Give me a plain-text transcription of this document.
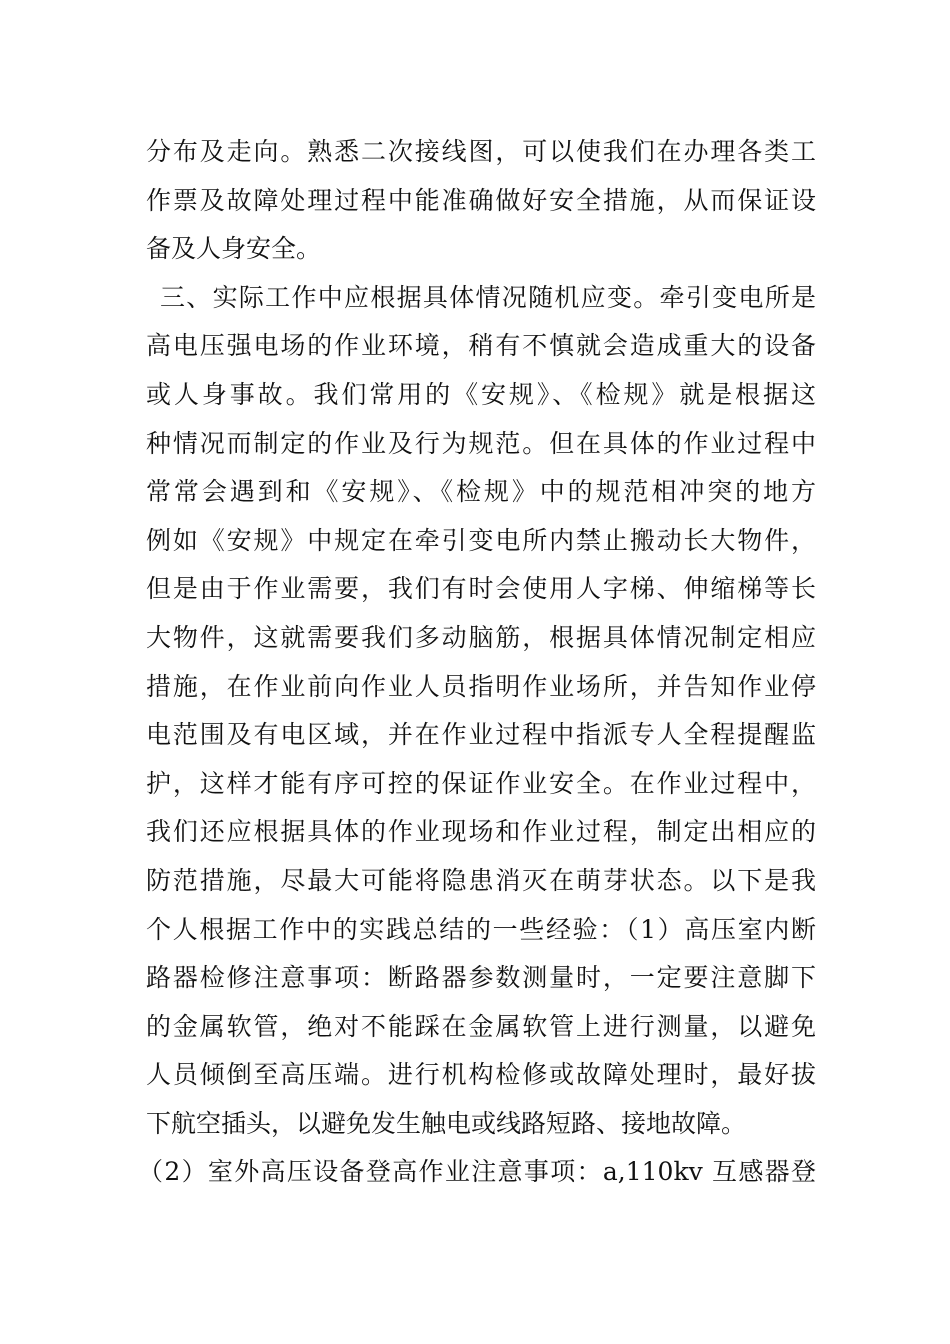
分布及走向。熟悉二次接线图，可以使我们在办理各类工
作票及故障处理过程中能准确做好安全措施，从而保证设
备及人身安全。
三、实际工作中应根据具体情况随机应变。牵引变电所是
高电压强电场的作业环境，稍有不慎就会造成重大的设备
或人身事故。我们常用的《安规》、《检规》就是根据这
种情况而制定的作业及行为规范。但在具体的作业过程中
常常会遇到和《安规》、《检规》中的规范相冲突的地方
例如《安规》中规定在牵引变电所内禁止搬动长大物件，
但是由于作业需要，我们有时会使用人字梯、伸缩梯等长
大物件，这就需要我们多动脑筋，根据具体情况制定相应
措施，在作业前向作业人员指明作业场所，并告知作业停
电范围及有电区域，并在作业过程中指派专人全程提醒监
护，这样才能有序可控的保证作业安全。在作业过程中，
我们还应根据具体的作业现场和作业过程，制定出相应的
防范措施，尽最大可能将隐患消灭在萌芽状态。以下是我
个人根据工作中的实践总结的一些经验：（1）高压室内断
路器检修注意事项：断路器参数测量时，一定要注意脚下
的金属软管，绝对不能踩在金属软管上进行测量，以避免
人员倾倒至高压端。进行机构检修或故障处理时，最好拔
下航空插头，以避免发生触电或线路短路、接地故障。
（2）室外高压设备登高作业注意事项：a,110kv 互感器登
